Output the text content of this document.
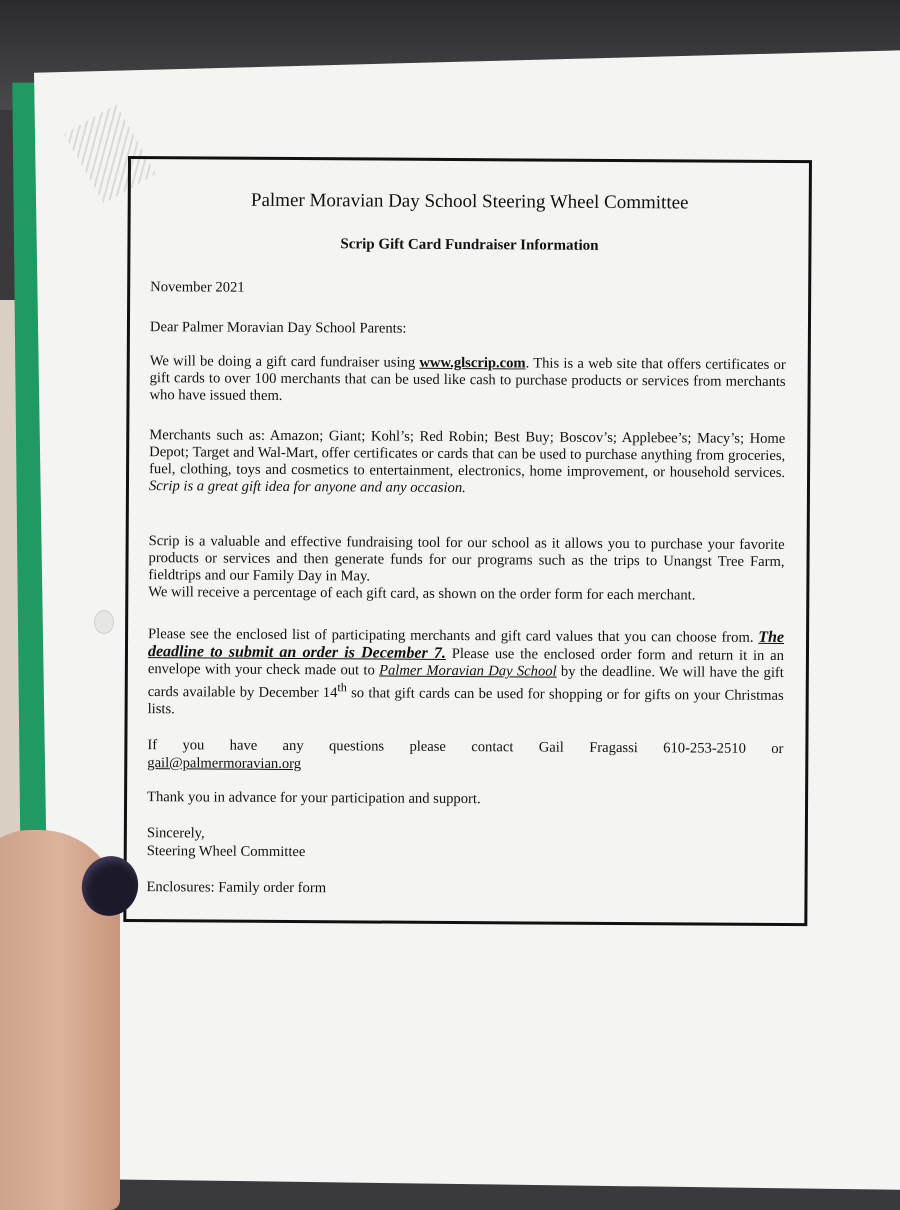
Palmer Moravian Day School Steering Wheel Committee
Scrip Gift Card Fundraiser Information
November 2021
Dear Palmer Moravian Day School Parents:
We will be doing a gift card fundraiser using www.glscrip.com. This is a web site that offers certificates or gift cards to over 100 merchants that can be used like cash to purchase products or services from merchants who have issued them.
Merchants such as: Amazon; Giant; Kohl’s; Red Robin; Best Buy; Boscov’s; Applebee’s; Macy’s; Home Depot; Target and Wal-Mart, offer certificates or cards that can be used to purchase anything from groceries, fuel, clothing, toys and cosmetics to entertainment, electronics, home improvement, or household services. Scrip is a great gift idea for anyone and any occasion.
Scrip is a valuable and effective fundraising tool for our school as it allows you to purchase your favorite products or services and then generate funds for our programs such as the trips to Unangst Tree Farm, fieldtrips and our Family Day in May.
We will receive a percentage of each gift card, as shown on the order form for each merchant.
Please see the enclosed list of participating merchants and gift card values that you can choose from. The deadline to submit an order is December 7. Please use the enclosed order form and return it in an envelope with your check made out to Palmer Moravian Day School by the deadline. We will have the gift cards available by December 14th so that gift cards can be used for shopping or for gifts on your Christmas lists.
If you have any questions please contact Gail Fragassi 610-253-2510 or
gail@palmermoravian.org
Thank you in advance for your participation and support.
Sincerely,
Steering Wheel Committee
Enclosures: Family order form
